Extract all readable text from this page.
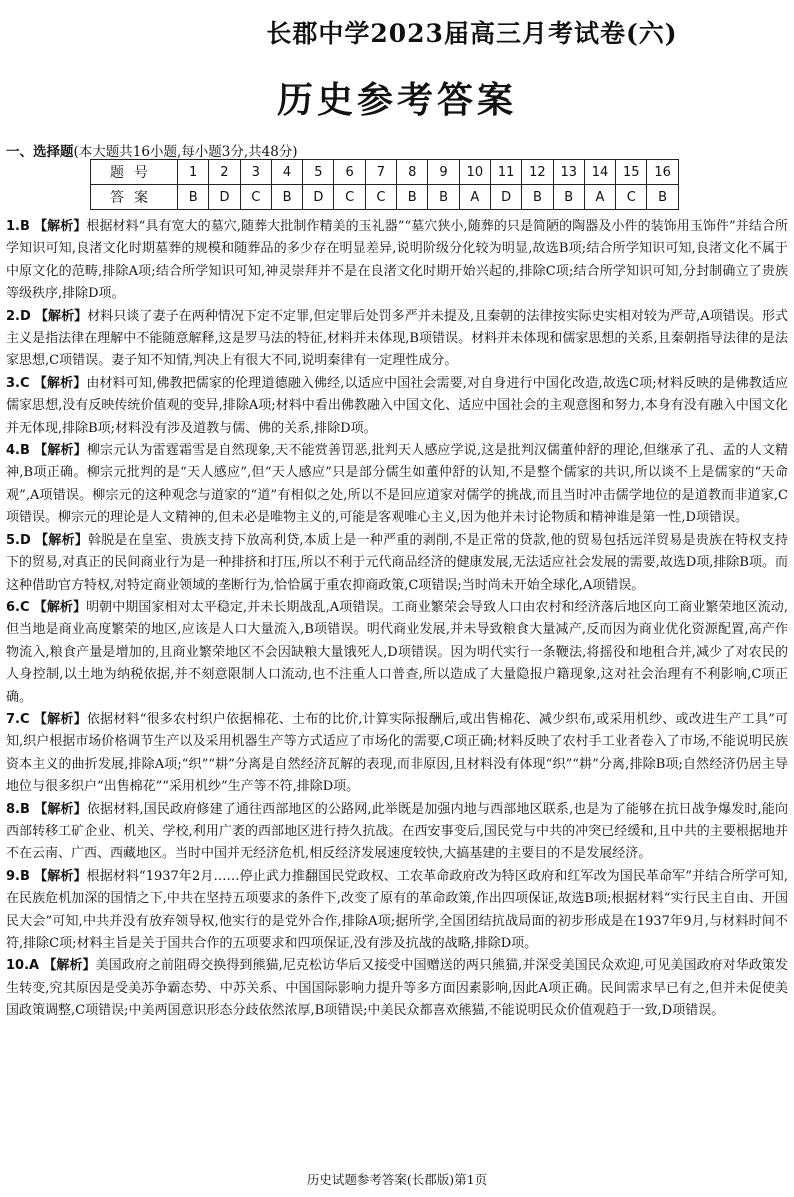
长郡中学2023届高三月考试卷(六)
历史参考答案
一、选择题(本大题共16小题,每小题3分,共48分)
题号	1	2	3	4	5	6	7	8	9	10	11	12	13	14	15	16
答案	B	D	C	B	D	C	C	B	B	A	D	B	B	A	C	B

1.B 【解析】根据材料“具有宽大的墓穴,随葬大批制作精美的玉礼器”“墓穴狭小,随葬的只是简陋的陶器及小件的装饰用玉饰件”并结合所学知识可知,良渚文化时期墓葬的规模和随葬品的多少存在明显差异,说明阶级分化较为明显,故选B项;结合所学知识可知,良渚文化不属于中原文化的范畴,排除A项;结合所学知识可知,神灵崇拜并不是在良渚文化时期开始兴起的,排除C项;结合所学知识可知,分封制确立了贵族等级秩序,排除D项。

2.D 【解析】材料只谈了妻子在两种情况下定不定罪,但定罪后处罚多严并未提及,且秦朝的法律按实际史实相对较为严苛,A项错误。形式主义是指法律在理解中不能随意解释,这是罗马法的特征,材料并未体现,B项错误。材料并未体现和儒家思想的关系,且秦朝指导法律的是法家思想,C项错误。妻子知不知情,判决上有很大不同,说明秦律有一定理性成分。

3.C 【解析】由材料可知,佛教把儒家的伦理道德融入佛经,以适应中国社会需要,对自身进行中国化改造,故选C项;材料反映的是佛教适应儒家思想,没有反映传统价值观的变异,排除A项;材料中看出佛教融入中国文化、适应中国社会的主观意图和努力,本身有没有融入中国文化并无体现,排除B项;材料没有涉及道教与儒、佛的关系,排除D项。

4.B 【解析】柳宗元认为雷霆霜雪是自然现象,天不能赏善罚恶,批判天人感应学说,这是批判汉儒董仲舒的理论,但继承了孔、孟的人文精神,B项正确。柳宗元批判的是“天人感应”,但“天人感应”只是部分儒生如董仲舒的认知,不是整个儒家的共识,所以谈不上是儒家的“天命观”,A项错误。柳宗元的这种观念与道家的“道”有相似之处,所以不是回应道家对儒学的挑战,而且当时冲击儒学地位的是道教而非道家,C项错误。柳宗元的理论是人文精神的,但未必是唯物主义的,可能是客观唯心主义,因为他并未讨论物质和精神谁是第一性,D项错误。

5.D 【解析】斡脱是在皇室、贵族支持下放高利贷,本质上是一种严重的剥削,不是正常的贷款,他的贸易包括远洋贸易是贵族在特权支持下的贸易,对真正的民间商业行为是一种排挤和打压,所以不利于元代商品经济的健康发展,无法适应社会发展的需要,故选D项,排除B项。而这种借助官方特权,对特定商业领域的垄断行为,恰恰属于重农抑商政策,C项错误;当时尚未开始全球化,A项错误。

6.C 【解析】明朝中期国家相对太平稳定,并未长期战乱,A项错误。工商业繁荣会导致人口由农村和经济落后地区向工商业繁荣地区流动,但当地是商业高度繁荣的地区,应该是人口大量流入,B项错误。明代商业发展,并未导致粮食大量减产,反而因为商业优化资源配置,高产作物流入,粮食产量是增加的,且商业繁荣地区不会因缺粮大量饿死人,D项错误。因为明代实行一条鞭法,将摇役和地租合并,减少了对农民的人身控制,以土地为纳税依据,并不刻意限制人口流动,也不注重人口普查,所以造成了大量隐报户籍现象,这对社会治理有不利影响,C项正确。

7.C 【解析】依据材料“很多农村织户依据棉花、土布的比价,计算实际报酬后,或出售棉花、减少织布,或采用机纱、或改进生产工具”可知,织户根据市场价格调节生产以及采用机器生产等方式适应了市场化的需要,C项正确;材料反映了农村手工业者卷入了市场,不能说明民族资本主义的曲折发展,排除A项;“织”“耕”分离是自然经济瓦解的表现,而非原因,且材料没有体现“织”“耕”分离,排除B项;自然经济仍居主导地位与很多织户“出售棉花”“采用机纱”生产等不符,排除D项。

8.B 【解析】依据材料,国民政府修建了通往西部地区的公路网,此举既是加强内地与西部地区联系,也是为了能够在抗日战争爆发时,能向西部转移工矿企业、机关、学校,利用广袤的西部地区进行持久抗战。在西安事变后,国民党与中共的冲突已经缓和,且中共的主要根据地并不在云南、广西、西藏地区。当时中国并无经济危机,相反经济发展速度较快,大搞基建的主要目的不是发展经济。

9.B 【解析】根据材料“1937年2月……停止武力推翻国民党政权、工农革命政府改为特区政府和红军改为国民革命军”并结合所学可知,在民族危机加深的国情之下,中共在坚持五项要求的条件下,改变了原有的革命政策,作出四项保证,故选B项;根据材料“实行民主自由、开国民大会”可知,中共并没有放弃领导权,他实行的是党外合作,排除A项;据所学,全国团结抗战局面的初步形成是在1937年9月,与材料时间不符,排除C项;材料主旨是关于国共合作的五项要求和四项保证,没有涉及抗战的战略,排除D项。

10.A 【解析】美国政府之前阻碍交换得到熊猫,尼克松访华后又接受中国赠送的两只熊猫,并深受美国民众欢迎,可见美国政府对华政策发生转变,究其原因是受美苏争霸态势、中苏关系、中国国际影响力提升等多方面因素影响,因此A项正确。民间需求早已有之,但并未促使美国政策调整,C项错误;中美两国意识形态分歧依然浓厚,B项错误;中美民众都喜欢熊猫,不能说明民众价值观趋于一致,D项错误。

历史试题参考答案(长郡版)第1页
